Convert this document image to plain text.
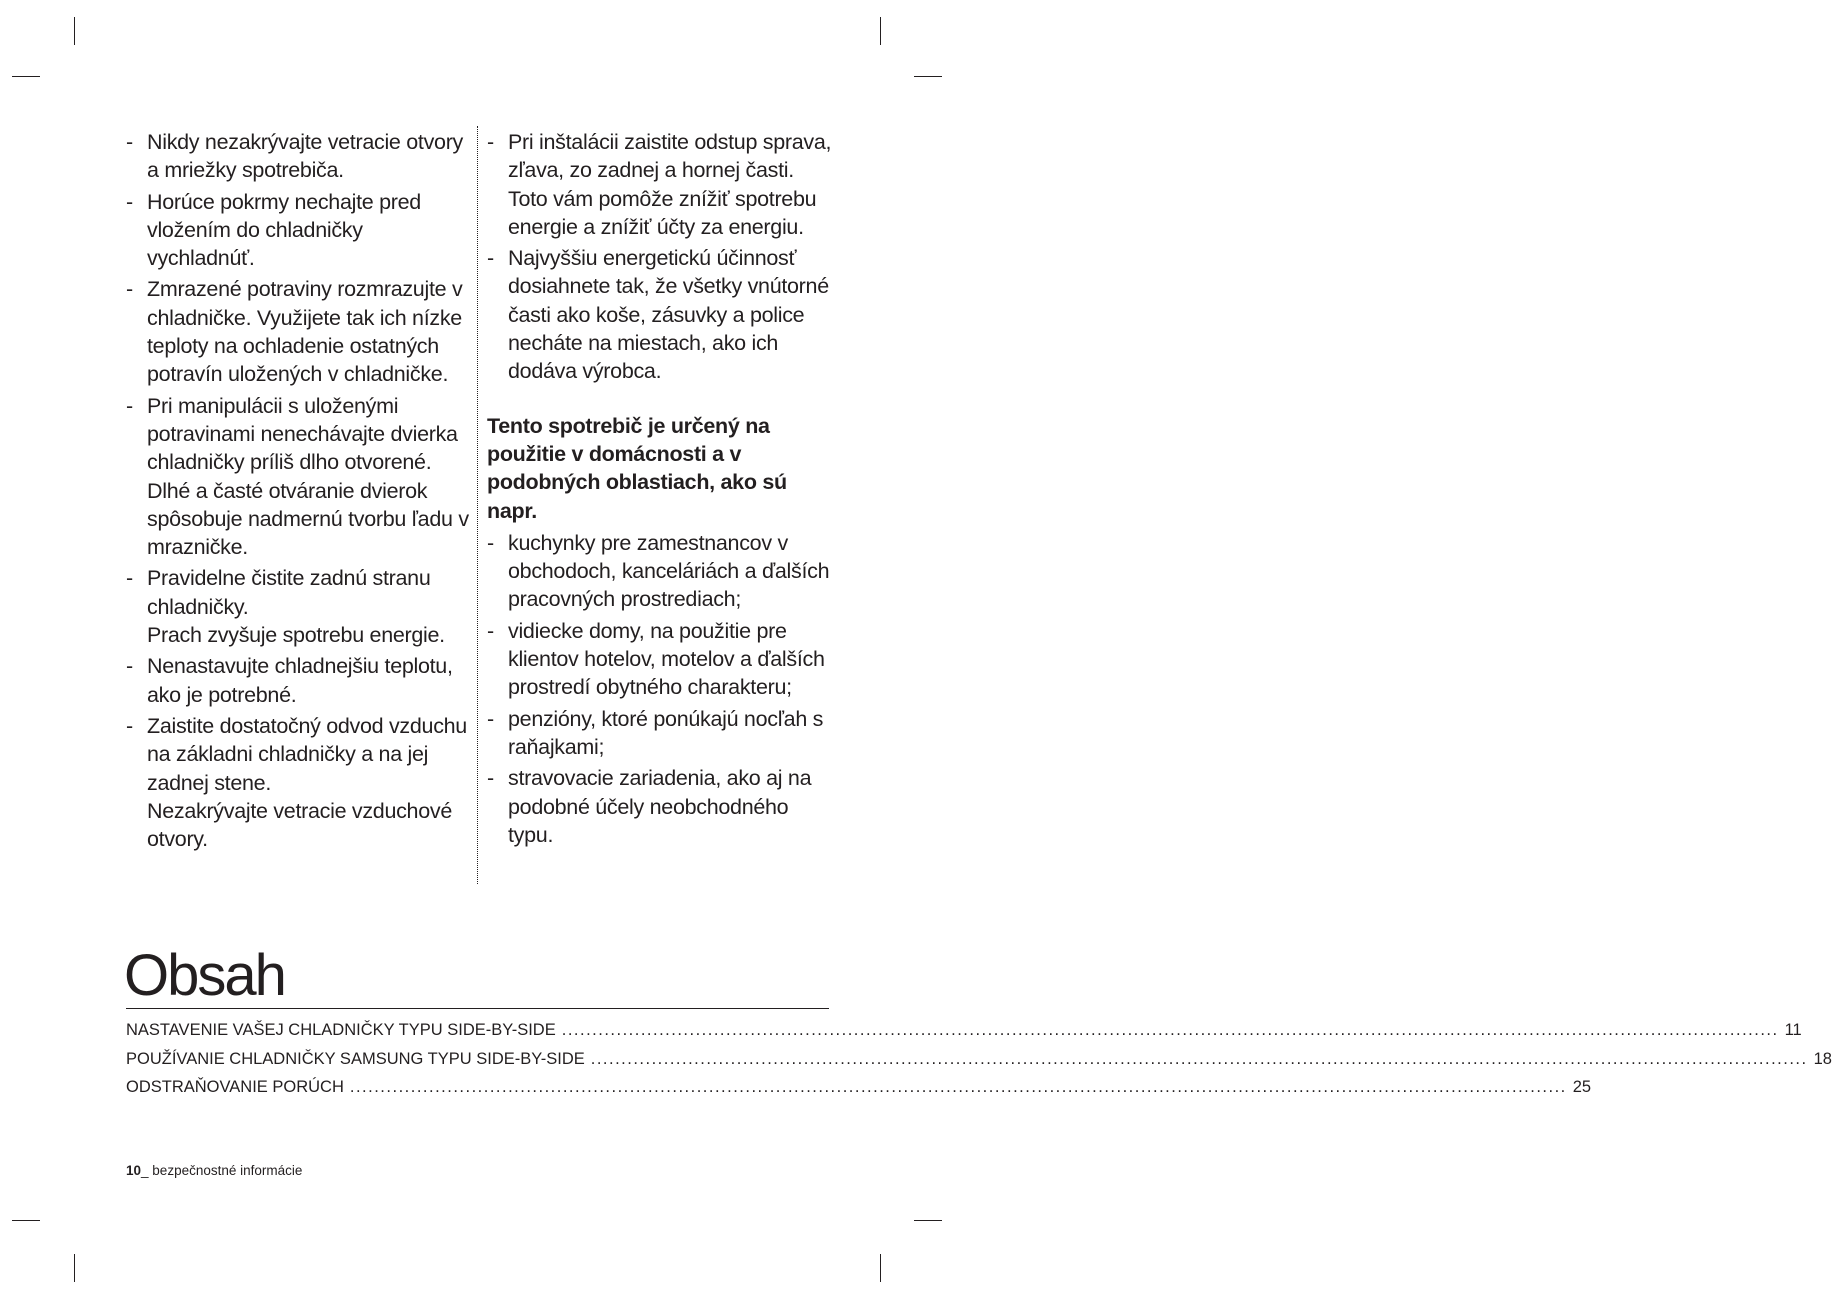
- Nikdy nezakrývajte vetracie otvory a mriežky spotrebiča.
- Horúce pokrmy nechajte pred vložením do chladničky vychladnúť.
- Zmrazené potraviny rozmrazujte v chladničke. Využijete tak ich nízke teploty na ochladenie ostatných potravín uložených v chladničke.
- Pri manipulácii s uloženými potravinami nenechávajte dvierka chladničky príliš dlho otvorené. Dlhé a časté otváranie dvierok spôsobuje nadmernú tvorbu ľadu v mrazničke.
- Pravidelne čistite zadnú stranu chladničky.
Prach zvyšuje spotrebu energie.
- Nenastavujte chladnejšiu teplotu, ako je potrebné.
- Zaistite dostatočný odvod vzduchu na základni chladničky a na jej zadnej stene.
Nezakrývajte vetracie vzduchové otvory.
- Pri inštalácii zaistite odstup sprava, zľava, zo zadnej a hornej časti.
Toto vám pomôže znížiť spotrebu energie a znížiť účty za energiu.
- Najvyššiu energetickú účinnosť dosiahnete tak, že všetky vnútorné časti ako koše, zásuvky a police necháte na miestach, ako ich dodáva výrobca.
Tento spotrebič je určený na použitie v domácnosti a v podobných oblastiach, ako sú napr.
- kuchynky pre zamestnancov v obchodoch, kanceláriách a ďalších pracovných prostrediach;
- vidiecke domy, na použitie pre klientov hotelov, motelov a ďalších prostredí obytného charakteru;
- penzióny, ktoré ponúkajú nocľah s raňajkami;
- stravovacie zariadenia, ako aj na podobné účely neobchodného typu.
Obsah
NASTAVENIE VAŠEJ CHLADNIČKY TYPU SIDE-BY-SIDE ........................................................................................................................................................................................................ 11
POUŽÍVANIE CHLADNIČKY SAMSUNG TYPU SIDE-BY-SIDE ........................................................................................................................................................................................................ 18
ODSTRAŇOVANIE PORÚCH ........................................................................................................................................................................................................ 25
10_ bezpečnostné informácie
